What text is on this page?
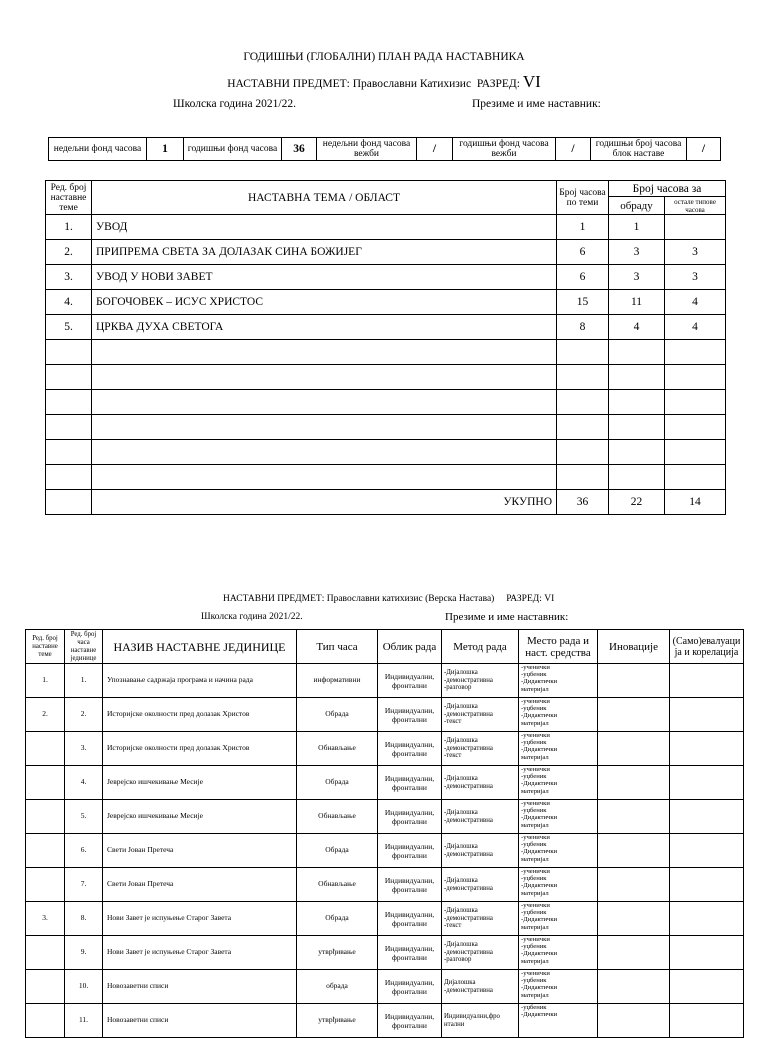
ГОДИШЊИ (ГЛОБАЛНИ) ПЛАН РАДА НАСТАВНИКА
НАСТАВНИ ПРЕДМЕТ: Православни Катихизис РАЗРЕД: VI
Школска година 2021/22.	Презиме и име наставник:
недељни фонд часова	1	годишњи фонд часова	36	недељни фонд часова вежби	/	годишњи фонд часова вежби	/	годишњи број часова блок наставе	/
Ред. број наставне теме	НАСТАВНА ТЕМА / ОБЛАСТ	Број часова по теми	Број часова за	
			обраду	остале типове часова
1.	УВОД	1	1	
2.	ПРИПРЕМА СВЕТА ЗА ДОЛАЗАК СИНА БОЖИЈЕГ	6	3	3
3.	УВОД У НОВИ ЗАВЕТ	6	3	3
4.	БОГОЧОВЕК – ИСУС ХРИСТОС	15	11	4
5.	ЦРКВА ДУХА СВЕТОГА	8	4	4

	УКУПНО	36	22	14
НАСТАВНИ ПРЕДМЕТ: Православни катихизис (Верска Настава) РАЗРЕД: VI
Школска година 2021/22.	Презиме и име наставник:
Ред. број наставне теме	Ред. број часа наставне јединице	НАЗИВ НАСТАВНЕ ЈЕДИНИЦЕ	Тип часа	Облик рада	Метод рада	Место рада и наст. средства	Иновације	(Само)евалуаци ја и корелација
1.	1.	Упознавање садржаја програма и начина рада	информативни	Индивидуални, фронтални	-Дијалошка
-демонстративна
-разговор	-ученички
-уџбеник
-Дидактички
материјал		
2.	2.	Историјске околности пред долазак Христов	Обрада	Индивидуални, фронтални	-Дијалошка
-демонстративна
-текст	-ученички
-уџбеник
-Дидактички
материјал		
	3.	Историјске околности пред долазак Христов	Обнављање	Индивидуални, фронтални	-Дијалошка
-демонстративна
-текст	-ученички
-уџбеник
-Дидактички
материјал		
	4.	Јеврејско ишчекивање Месије	Обрада	Индивидуални, фронтални	-Дијалошка
-демонстративна	-ученички
-уџбеник
-Дидактички
материјал		
	5.	Јеврејско ишчекивање Месије	Обнављање	Индивидуални, фронтални	-Дијалошка
-демонстративна	-ученички
-уџбеник
-Дидактички
материјал		
	6.	Свети Јован Претеча	Обрада	Индивидуални, фронтални	-Дијалошка
-демонстративна	-ученички
-уџбеник
-Дидактички
материјал		
	7.	Свети Јован Претеча	Обнављање	Индивидуални, фронтални	-Дијалошка
-демонстративна	-ученички
-уџбеник
-Дидактички
материјал		
3.	8.	Нови Завет је испуњење Старог Завета	Обрада	Индивидуални, фронтални	-Дијалошка
-демонстративна
-текст	-ученички
-уџбеник
-Дидактички
материјал		
	9.	Нови Завет је испуњење Старог Завета	утврђивање	Индивидуални, фронтални	-Дијалошка
-демонстративна
-разговор	-ученички
-уџбеник
-Дидактички
материјал		
	10.	Новозаветни списи	обрада	Индивидуални, фронтални	Дијалошка
-демонстративна	-ученички
-уџбеник
-Дидактички
материјал		
	11.	Новозаветни списи	утврђивање	Индивидуални, фронтални	Индивидуални,фро нтални	-уџбеник
-Дидактички		
